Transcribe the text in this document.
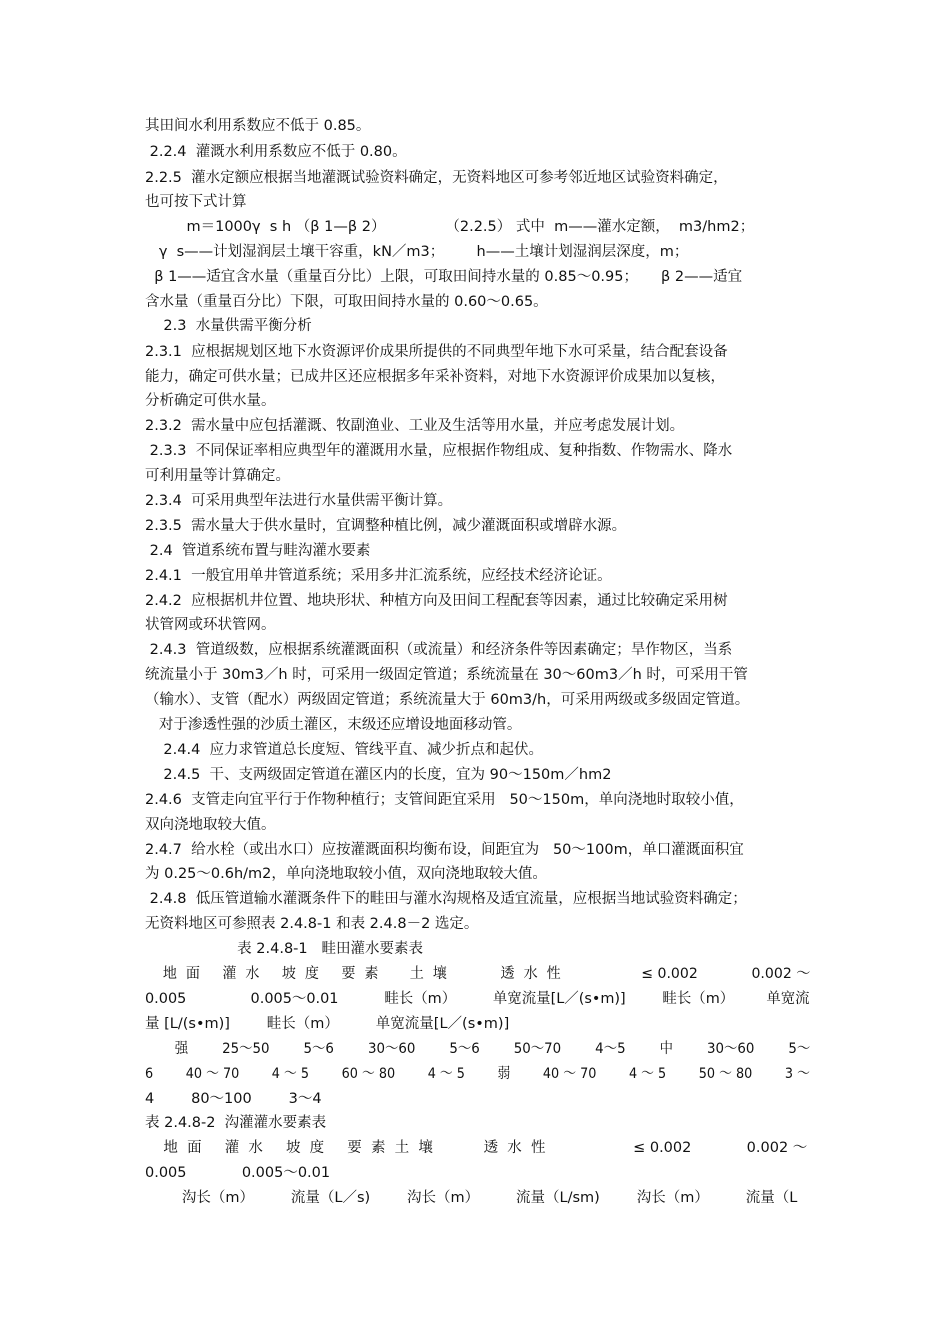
其田间水利用系数应不低于 0.85。
2.2.4  灌溉水利用系数应不低于 0.80。
2.2.5  灌水定额应根据当地灌溉试验资料确定，无资料地区可参考邻近地区试验资料确定，
也可按下式计算
m＝1000γ  s h （β 1—β 2）             （2.2.5） 式中  m——灌水定额，  m3/hm2；
γ  s——计划湿润层土壤干容重，kN／m3；       h——土壤计划湿润层深度，m；
β 1——适宜含水量（重量百分比）上限，可取田间持水量的 0.85～0.95；     β 2——适宜
含水量（重量百分比）下限，可取田间持水量的 0.60～0.65。
2.3  水量供需平衡分析
2.3.1  应根据规划区地下水资源评价成果所提供的不同典型年地下水可采量，结合配套设备
能力，确定可供水量；已成井区还应根据多年采补资料，对地下水资源评价成果加以复核，
分析确定可供水量。
2.3.2  需水量中应包括灌溉、牧副渔业、工业及生活等用水量，并应考虑发展计划。
2.3.3  不同保证率相应典型年的灌溉用水量，应根据作物组成、复种指数、作物需水、降水
可利用量等计算确定。
2.3.4  可采用典型年法进行水量供需平衡计算。
2.3.5  需水量大于供水量时，宜调整种植比例，减少灌溉面积或增辟水源。
2.4  管道系统布置与畦沟灌水要素
2.4.1  一般宜用单井管道系统；采用多井汇流系统，应经技术经济论证。
2.4.2  应根据机井位置、地块形状、种植方向及田间工程配套等因素，通过比较确定采用树
状管网或环状管网。
2.4.3  管道级数，应根据系统灌溉面积（或流量）和经济条件等因素确定；旱作物区，当系
统流量小于 30m3／h 时，可采用一级固定管道；系统流量在 30～60m3／h 时，可采用干管
（输水）、支管（配水）两级固定管道；系统流量大于 60m3/h，可采用两级或多级固定管道。
对于渗透性强的沙质土灌区，末级还应增设地面移动管。
2.4.4  应力求管道总长度短、管线平直、减少折点和起伏。
2.4.5  干、支两级固定管道在灌区内的长度，宜为 90～150m／hm2
2.4.6  支管走向宜平行于作物种植行；支管间距宜采用   50～150m，单向浇地时取较小值，
双向浇地取较大值。
2.4.7  给水栓（或出水口）应按灌溉面积均衡布设，间距宜为   50～100m，单口灌溉面积宜
为 0.25～0.6h/m2，单向浇地取较小值，双向浇地取较大值。
2.4.8  低压管道输水灌溉条件下的畦田与灌水沟规格及适宜流量，应根据当地试验资料确定；
无资料地区可参照表 2.4.8-1 和表 2.4.8－2 选定。
表 2.4.8-1   畦田灌水要素表
地  面     灌  水     坡  度     要  素       土  壤            透  水  性                  ≤ 0.002            0.002 ～
0.005              0.005～0.01          畦长（m）        单宽流量[L／(s•m)]        畦长（m）       单宽流
量 [L/(s•m)]        畦长（m）        单宽流量[L／(s•m)]
强        25～50        5～6        30～60        5～6        50～70        4～5        中        30～60        5～
6        40 ～ 70        4 ～ 5        60 ～ 80        4 ～ 5        弱        40 ～ 70        4 ～ 5        50 ～ 80        3 ～
4        80～100        3～4
表 2.4.8-2  沟灌灌水要素表
地  面     灌  水     坡  度     要  素  土  壤           透  水  性                   ≤ 0.002            0.002 ～
0.005            0.005～0.01
沟长（m）        流量（L／s)        沟长（m）        流量（L/sm)        沟长（m）        流量（L
